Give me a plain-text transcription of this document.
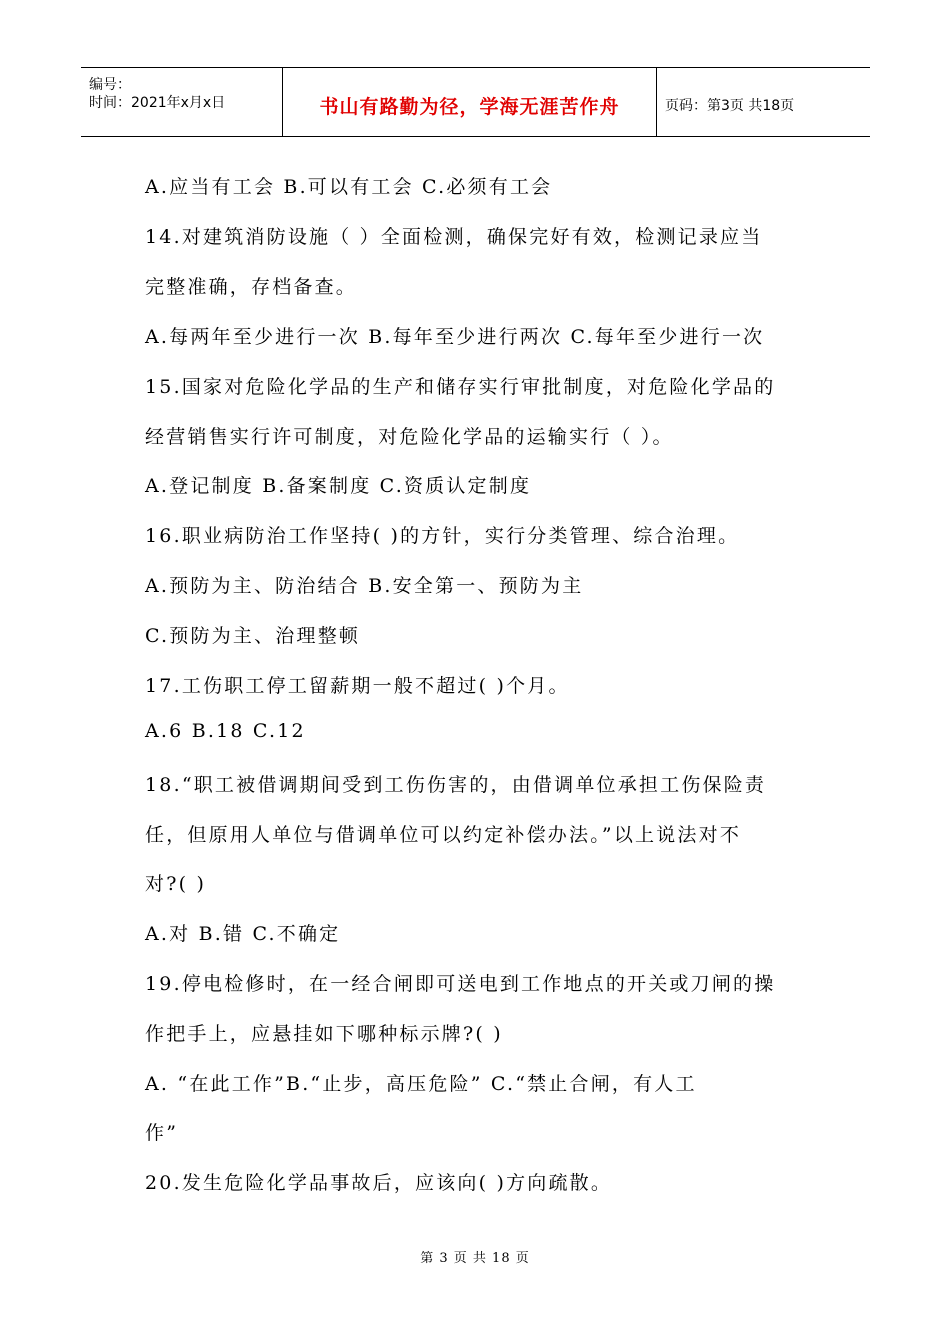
编号：
时间：2021年x月x日	书山有路勤为径，学海无涯苦作舟	页码：第3页 共18页
A.应当有工会 B.可以有工会 C.必须有工会
14.对建筑消防设施（ ）全面检测，确保完好有效，检测记录应当
完整准确，存档备查。
A.每两年至少进行一次 B.每年至少进行两次 C.每年至少进行一次
15.国家对危险化学品的生产和储存实行审批制度，对危险化学品的
经营销售实行许可制度，对危险化学品的运输实行（ ）。
A.登记制度 B.备案制度 C.资质认定制度
16.职业病防治工作坚持( )的方针，实行分类管理、综合治理。
A.预防为主、防治结合 B.安全第一、预防为主
C.预防为主、治理整顿
17.工伤职工停工留薪期一般不超过( )个月。
A.6 B.18 C.12
18.“职工被借调期间受到工伤伤害的，由借调单位承担工伤保险责
任，但原用人单位与借调单位可以约定补偿办法。”以上说法对不
对?( )
A.对 B.错 C.不确定
19.停电检修时，在一经合闸即可送电到工作地点的开关或刀闸的操
作把手上，应悬挂如下哪种标示牌?( )
A. “在此工作”B.“止步，高压危险” C.“禁止合闸，有人工
作”
20.发生危险化学品事故后，应该向( )方向疏散。
第 3 页 共 18 页
